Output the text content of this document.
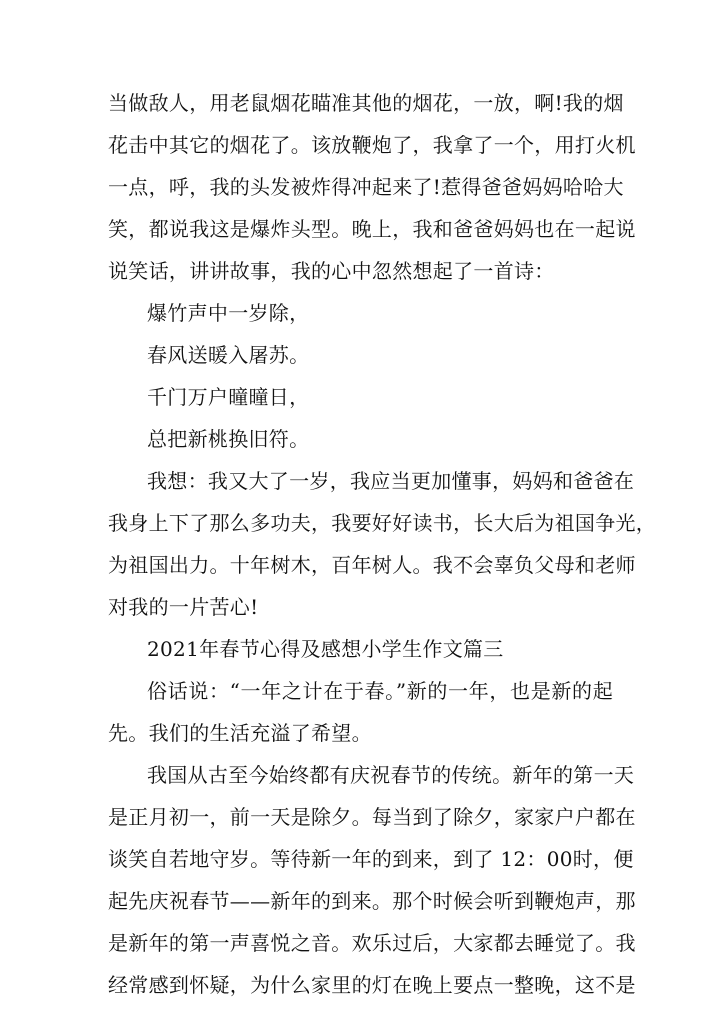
当做敌人，用老鼠烟花瞄准其他的烟花，一放，啊!我的烟
花击中其它的烟花了。该放鞭炮了，我拿了一个，用打火机
一点，呼，我的头发被炸得冲起来了!惹得爸爸妈妈哈哈大
笑，都说我这是爆炸头型。晚上，我和爸爸妈妈也在一起说
说笑话，讲讲故事，我的心中忽然想起了一首诗：
爆竹声中一岁除，
春风送暖入屠苏。
千门万户曈曈日，
总把新桃换旧符。
我想：我又大了一岁，我应当更加懂事，妈妈和爸爸在
我身上下了那么多功夫，我要好好读书，长大后为祖国争光，
为祖国出力。十年树木，百年树人。我不会辜负父母和老师
对我的一片苦心!
2021年春节心得及感想小学生作文篇三
俗话说：“一年之计在于春。”新的一年，也是新的起
先。我们的生活充溢了希望。
我国从古至今始终都有庆祝春节的传统。新年的第一天
是正月初一，前一天是除夕。每当到了除夕，家家户户都在
谈笑自若地守岁。等待新一年的到来，到了 12：00时，便
起先庆祝春节——新年的到来。那个时候会听到鞭炮声，那
是新年的第一声喜悦之音。欢乐过后，大家都去睡觉了。我
经常感到怀疑，为什么家里的灯在晚上要点一整晚，这不是
